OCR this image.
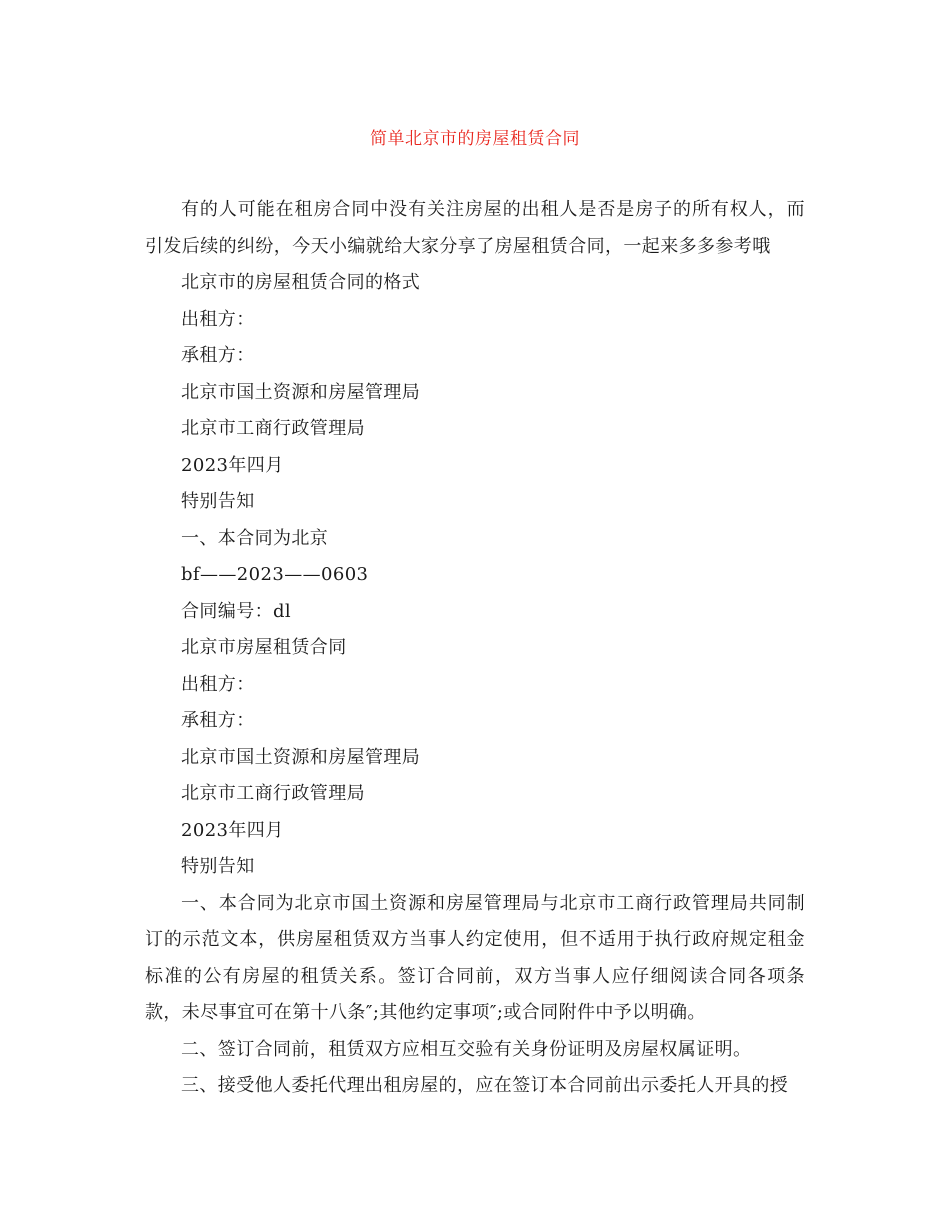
简单北京市的房屋租赁合同

有的人可能在租房合同中没有关注房屋的出租人是否是房子的所有权人，而引发后续的纠纷，今天小编就给大家分享了房屋租赁合同，一起来多多参考哦

北京市的房屋租赁合同的格式

出租方：

承租方：

北京市国土资源和房屋管理局

北京市工商行政管理局

2023年四月

特别告知

一、本合同为北京

bf——2023——0603

合同编号：dl

北京市房屋租赁合同

出租方：

承租方：

北京市国土资源和房屋管理局

北京市工商行政管理局

2023年四月

特别告知

一、本合同为北京市国土资源和房屋管理局与北京市工商行政管理局共同制订的示范文本，供房屋租赁双方当事人约定使用，但不适用于执行政府规定租金标准的公有房屋的租赁关系。签订合同前，双方当事人应仔细阅读合同各项条款，未尽事宜可在第十八条″;其他约定事项″;或合同附件中予以明确。

二、签订合同前，租赁双方应相互交验有关身份证明及房屋权属证明。

三、接受他人委托代理出租房屋的，应在签订本合同前出示委托人开具的授
